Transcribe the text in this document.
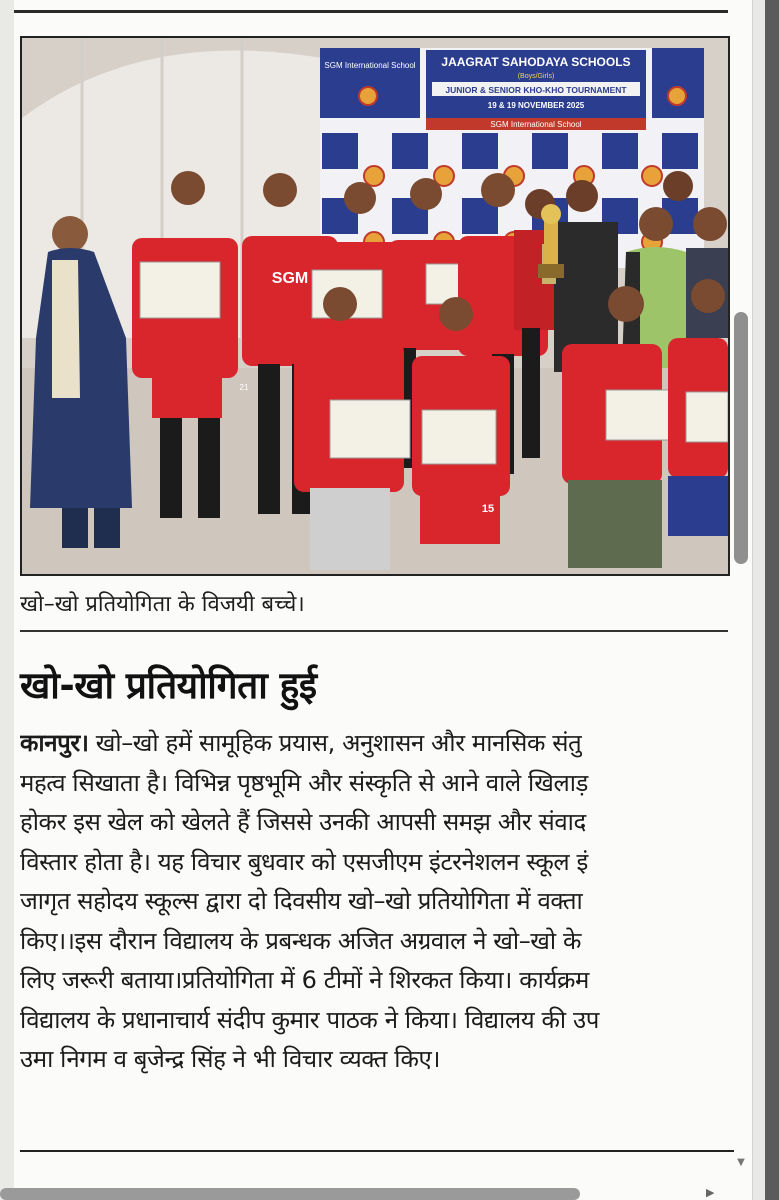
SGM International School JAAGRAT SAHODAYA SCHOOLS
(Boys/Girls)
JUNIOR & SENIOR KHO-KHO TOURNAMENT
19 & 19 NOVEMBER 2025
SGM International School
SGM
15
21
खो–खो प्रतियोगिता के विजयी बच्चे।
खो-खो प्रतियोगिता हुई
कानपुर। खो–खो हमें सामूहिक प्रयास, अनुशासन और मानसिक संतु
महत्व सिखाता है। विभिन्न पृष्ठभूमि और संस्कृति से आने वाले खिलाड़
होकर इस खेल को खेलते हैं जिससे उनकी आपसी समझ और संवाद
विस्तार होता है। यह विचार बुधवार को एसजीएम इंटरनेशलन स्कूल इं
जागृत सहोदय स्कूल्स द्वारा दो दिवसीय खो–खो प्रतियोगिता में वक्ता
किए।।इस दौरान विद्यालय के प्रबन्धक अजित अग्रवाल ने खो–खो के
लिए जरूरी बताया।प्रतियोगिता में 6 टीमों ने शिरकत किया। कार्यक्रम
विद्यालय के प्रधानाचार्य संदीप कुमार पाठक ने किया। विद्यालय की उप
उमा निगम व बृजेन्द्र सिंह ने भी विचार व्यक्त किए।
▼
▶
